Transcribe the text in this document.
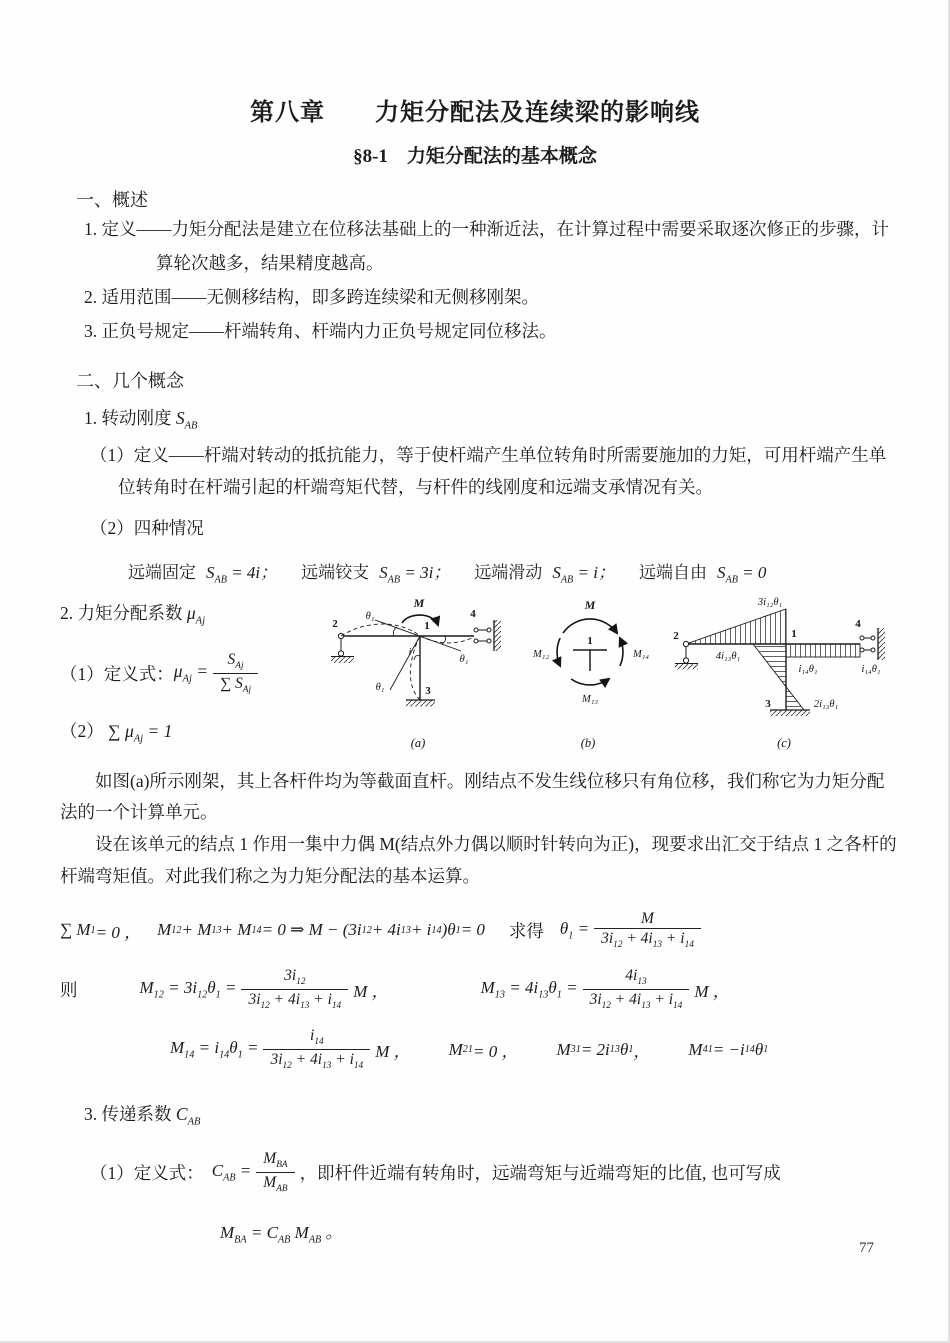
第八章　　力矩分配法及连续梁的影响线
§8-1　力矩分配法的基本概念
一、概述
1. 定义——力矩分配法是建立在位移法基础上的一种渐近法，在计算过程中需要采取逐次修正的步骤，计算轮次越多，结果精度越高。
2. 适用范围——无侧移结构，即多跨连续梁和无侧移刚架。
3. 正负号规定——杆端转角、杆端内力正负号规定同位移法。
二、几个概念
1. 转动刚度 $S_{AB}$
（1）定义——杆端对转动的抵抗能力，等于使杆端产生单位转角时所需要施加的力矩，可用杆端产生单位转角时在杆端引起的杆端弯矩代替，与杆件的线刚度和远端支承情况有关。
（2）四种情况
远端固定 $S_{AB} = 4i$； 远端铰支 $S_{AB} = 3i$； 远端滑动 $S_{AB} = i$； 远端自由 $S_{AB} = 0$
2. 力矩分配系数 $\mu_{Aj}$
（1）定义式： $\mu_{Aj} = \frac{S_{Aj}}{\sum S_{Aj}}$
（2） ∑ $\mu_{Aj} = 1$
M
2	1
4
3
i
θ₁
θ₁
θ₁
(a)
1
M
M₁₂	M₁₄
M₁₃
(b)
3i₁₂θ₁
4i₁₃θ₁
2i₁₃θ₁
i₁₄θ₁	i₁₄θ₁
1
2
4
3
(c)

如图(a)所示刚架，其上各杆件均为等截面直杆。刚结点不发生线位移只有角位移，我们称它为力矩分配法的一个计算单元。

设在该单元的结点 1 作用一集中力偶 M(结点外力偶以顺时针转向为正)，现要求出汇交于结点 1 之各杆的杆端弯矩值。对此我们称之为力矩分配法的基本运算。

∑ M 1 = 0 ， M 12 + M 13 + M 14 = 0 ⇒ M − (3i 12 + 4i 13 + i 14 )θ 1 = 0 求得 $\theta_1 = \frac{M}{3i_{12} + 4i_{13} + i_{14}}$
则	$M_{12} = 3i_{12}\theta_1 = \frac{3i_{12}}{3i_{12} + 4i_{13} + i_{14}}$ M ，	$M_{13} = 4i_{13}\theta_1 = \frac{4i_{13}}{3i_{12} + 4i_{13} + i_{14}}$ M ，
$M_{14} = i_{14}\theta_1 = \frac{i_{14}}{3i_{12} + 4i_{13} + i_{14}}$ M ， M 21 = 0 ， M 31 = 2i 13 θ 1 ， M 41 = −i 14 θ 1
3. 传递系数 $C_{AB}$
（1）定义式： $C_{AB} = \frac{M_{BA}}{M_{AB}}$ ，即杆件近端有转角时，远端弯矩与近端弯矩的比值, 也可写成
$M_{BA} = C_{AB}$ $M_{AB}$ 。
77
